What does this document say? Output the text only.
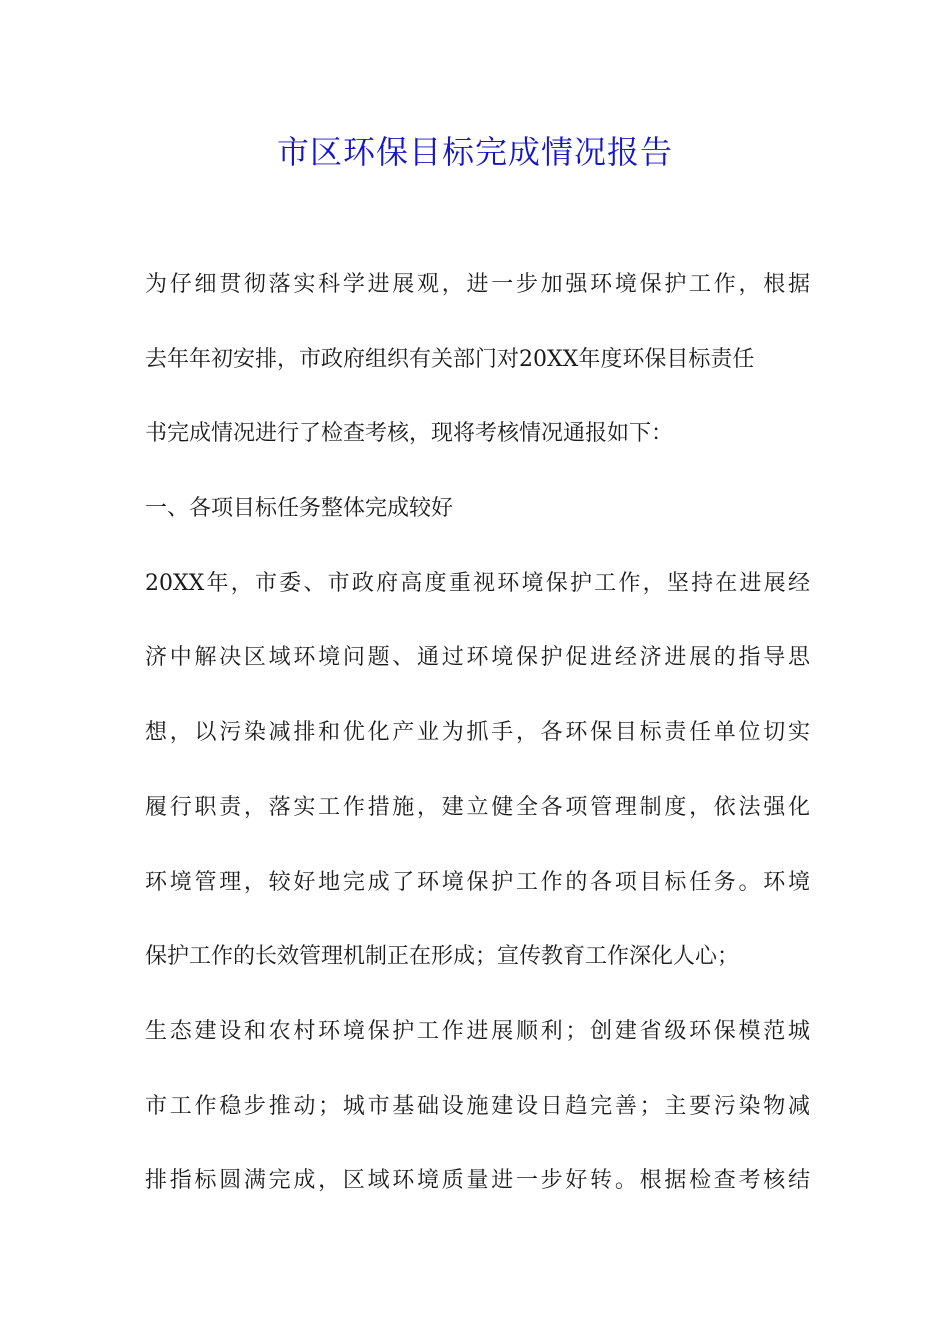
市区环保目标完成情况报告
为仔细贯彻落实科学进展观，进一步加强环境保护工作，根据
去年年初安排，市政府组织有关部门对20XX年度环保目标责任
书完成情况进行了检查考核，现将考核情况通报如下：
一、各项目标任务整体完成较好
20XX年，市委、市政府高度重视环境保护工作，坚持在进展经
济中解决区域环境问题、通过环境保护促进经济进展的指导思
想，以污染减排和优化产业为抓手，各环保目标责任单位切实
履行职责，落实工作措施，建立健全各项管理制度，依法强化
环境管理，较好地完成了环境保护工作的各项目标任务。环境
保护工作的长效管理机制正在形成；宣传教育工作深化人心；
生态建设和农村环境保护工作进展顺利；创建省级环保模范城
市工作稳步推动；城市基础设施建设日趋完善；主要污染物减
排指标圆满完成，区域环境质量进一步好转。根据检查考核结
